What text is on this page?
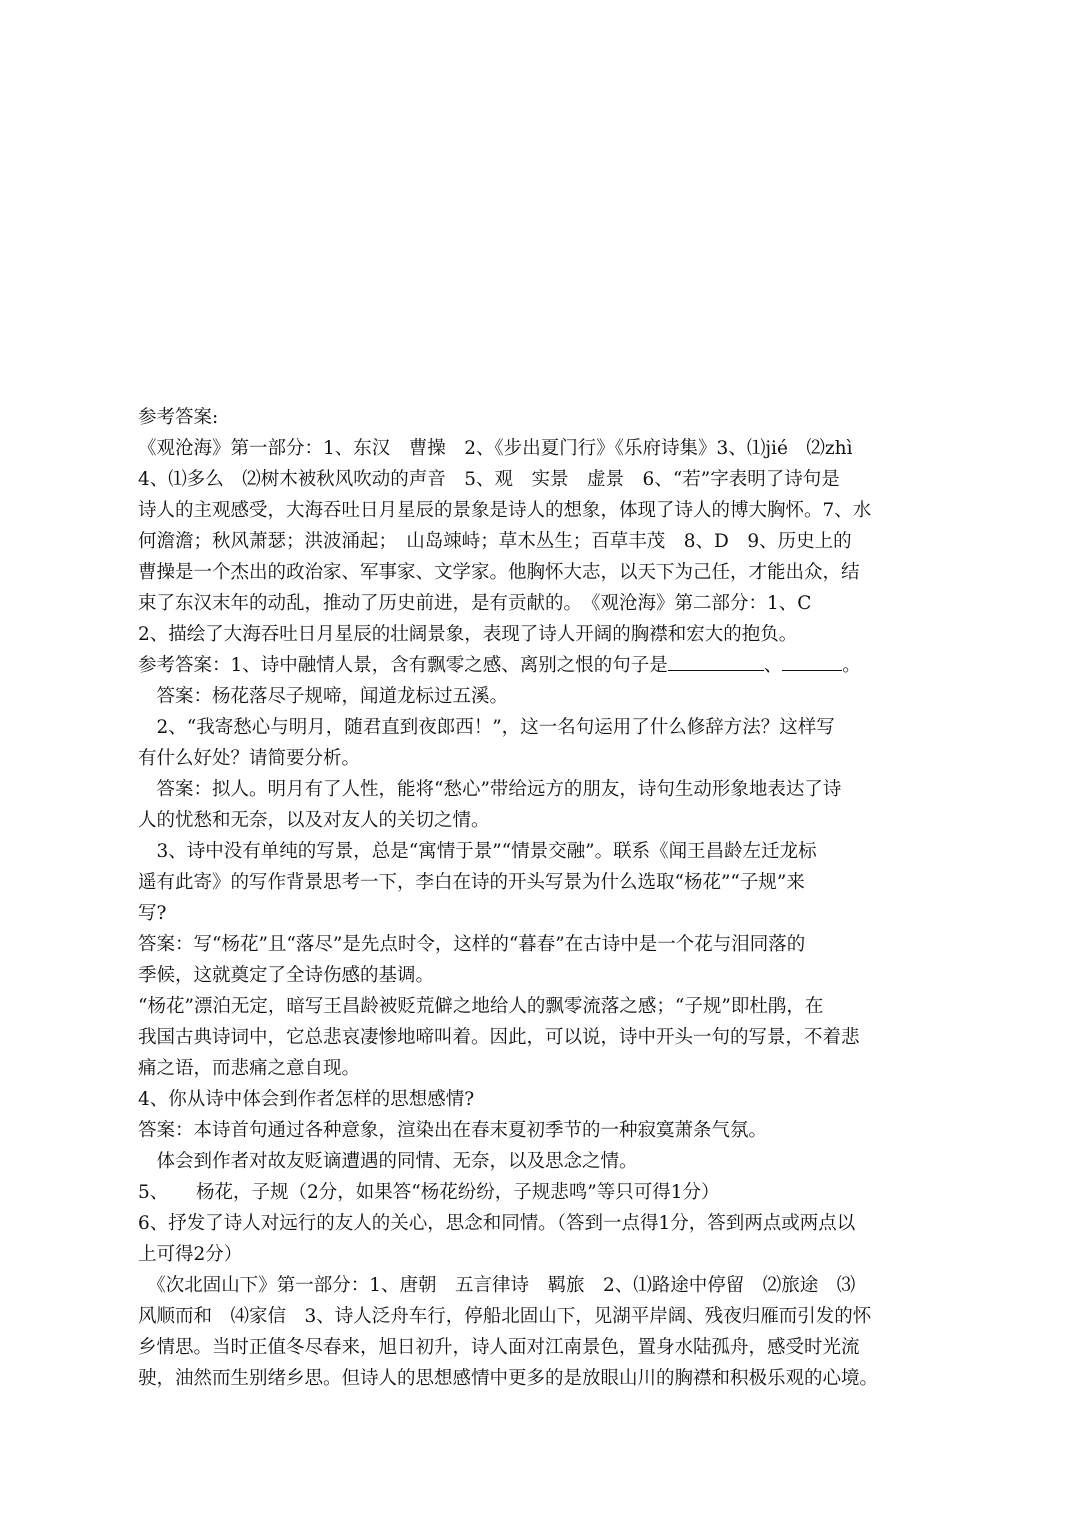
参考答案:
《观沧海》第一部分：1、东汉　曹操　2、《步出夏门行》《乐府诗集》3、⑴jié　⑵zhì
4、⑴多么　⑵树木被秋风吹动的声音　5、观　实景　虚景　6、“若”字表明了诗句是
诗人的主观感受，大海吞吐日月星辰的景象是诗人的想象，体现了诗人的博大胸怀。7、水
何澹澹；秋风萧瑟；洪波涌起；　山岛竦峙；草木丛生；百草丰茂　8、D　9、历史上的
曹操是一个杰出的政治家、军事家、文学家。他胸怀大志，以天下为己任，才能出众，结
束了东汉末年的动乱，推动了历史前进，是有贡献的。　《观沧海》第二部分：1、C
2、描绘了大海吞吐日月星辰的壮阔景象，表现了诗人开阔的胸襟和宏大的抱负。
参考答案：1、诗中融情人景，含有飘零之感、离别之恨的句子是	、	。
　答案：杨花落尽子规啼，闻道龙标过五溪。
　2、“我寄愁心与明月，随君直到夜郎西！”，这一名句运用了什么修辞方法？这样写
有什么好处？请简要分析。
　答案：拟人。明月有了人性，能将“愁心”带给远方的朋友，诗句生动形象地表达了诗
人的忧愁和无奈，以及对友人的关切之情。
　3、诗中没有单纯的写景，总是“寓情于景”“情景交融”。联系《闻王昌龄左迁龙标
遥有此寄》的写作背景思考一下，李白在诗的开头写景为什么选取“杨花”“子规”来
写?
答案：写“杨花”且“落尽”是先点时令，这样的“暮春”在古诗中是一个花与泪同落的
季候，这就奠定了全诗伤感的基调。
“杨花”漂泊无定，暗写王昌龄被贬荒僻之地给人的飘零流落之感；“子规”即杜鹃，在
我国古典诗词中，它总悲哀凄惨地啼叫着。因此，可以说，诗中开头一句的写景，不着悲
痛之语，而悲痛之意自现。
4、你从诗中体会到作者怎样的思想感情?
答案：本诗首句通过各种意象，渲染出在春末夏初季节的一种寂寞萧条气氛。
　体会到作者对故友贬谪遭遇的同情、无奈，以及思念之情。
5、　　杨花，子规（2分，如果答“杨花纷纷，子规悲鸣”等只可得1分）
6、抒发了诗人对远行的友人的关心，思念和同情。（答到一点得1分，答到两点或两点以
上可得2分）
　《次北固山下》第一部分：1、唐朝　五言律诗　羁旅　2、⑴路途中停留　⑵旅途　⑶
风顺而和　⑷家信　3、诗人泛舟车行，停船北固山下，见湖平岸阔、残夜归雁而引发的怀
乡情思。当时正值冬尽春来，旭日初升，诗人面对江南景色，置身水陆孤舟，感受时光流
驶，油然而生别绪乡思。但诗人的思想感情中更多的是放眼山川的胸襟和积极乐观的心境。
